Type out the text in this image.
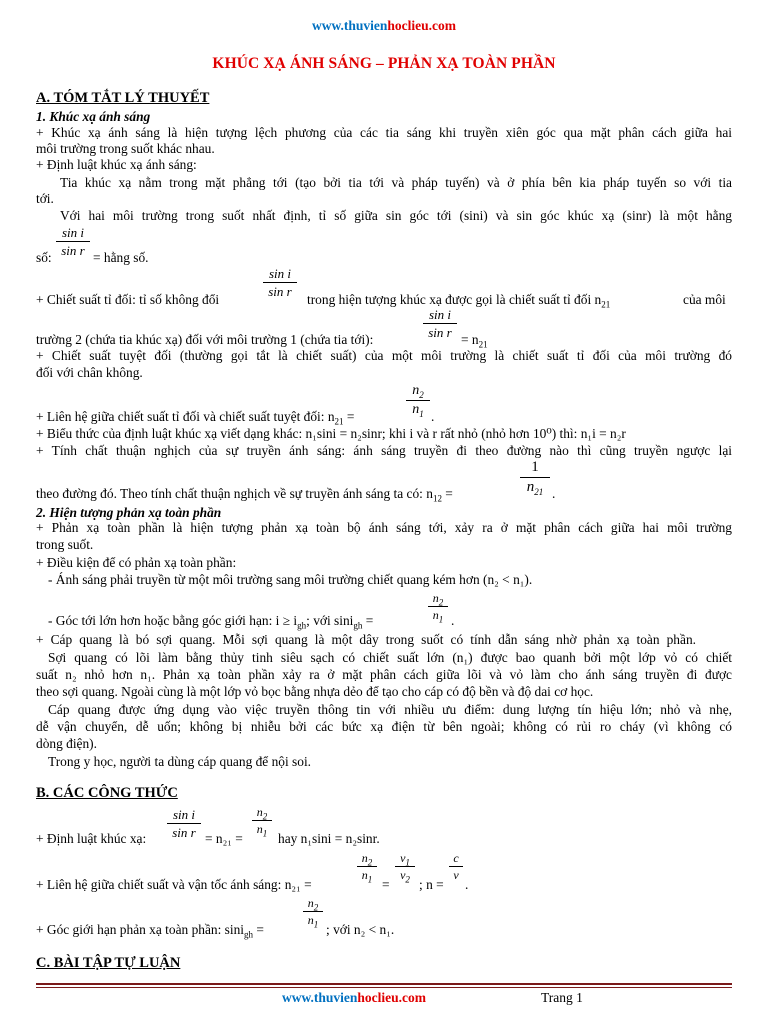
www.thuvienhoclieu.com
KHÚC XẠ ÁNH SÁNG – PHẢN XẠ TOÀN PHẦN
A. TÓM TẮT LÝ THUYẾT
1. Khúc xạ ánh sáng
+ Khúc xạ ánh sáng là hiện tượng lệch phương của các tia sáng khi truyền xiên góc qua mặt phân cách giữa hai
môi trường trong suốt khác nhau.
+ Định luật khúc xạ ánh sáng:
Tia khúc xạ nằm trong mặt phẳng tới (tạo bởi tia tới và pháp tuyến) và ở phía bên kia pháp tuyến so với tia
tới.
Với hai môi trường trong suốt nhất định, tỉ số giữa sin góc tới (sini) và sin góc khúc xạ (sinr) là một hằng
số:
$\frac{\text{sin i}}{\text{sin r}}$
= hằng số.
+ Chiết suất tỉ đối: tỉ số không đổi
$\frac{\text{sin i}}{\text{sin r}}$
trong hiện tượng khúc xạ được gọi là chiết suất tỉ đối $n_{21}$	của môi
trường 2 (chứa tia khúc xạ) đối với môi trường 1 (chứa tia tới):
$\frac{\text{sin i}}{\text{sin r}}$
= $n_{21}$
+ Chiết suất tuyệt đối (thường gọi tắt là chiết suất) của một môi trường là chiết suất tỉ đối của môi trường đó
đối với chân không.
+ Liên hệ giữa chiết suất tỉ đối và chiết suất tuyệt đối: $n_{21}$ =	$\frac{n_2}{n_1}$ .
+ Biểu thức của định luật khúc xạ viết dạng khác: n₁sini = n₂sinr; khi i và r rất nhỏ (nhỏ hơn 10⁰) thì: n₁i = n₂r
+ Tính chất thuận nghịch của sự truyền ánh sáng: ánh sáng truyền đi theo đường nào thì cũng truyền ngược lại
theo đường đó. Theo tính chất thuận nghịch về sự truyền ánh sáng ta có: $n_{12}$ =	$\frac{1}{n_{21}}$ .
2. Hiện tượng phản xạ toàn phần
+ Phản xạ toàn phần là hiện tượng phản xạ toàn bộ ánh sáng tới, xảy ra ở mặt phân cách giữa hai môi trường
trong suốt.
+ Điều kiện để có phản xạ toàn phần:
- Ánh sáng phải truyền từ một môi trường sang môi trường chiết quang kém hơn (n₂ < n₁).
- Góc tới lớn hơn hoặc bằng góc giới hạn: $i \ge i_{gh}$; với sini$_{gh}$ =	$\frac{n_2}{n_1}$ .
+ Cáp quang là bó sợi quang. Mỗi sợi quang là một dây trong suốt có tính dẫn sáng nhờ phản xạ toàn phần.
Sợi quang có lõi làm bằng thủy tinh siêu sạch có chiết suất lớn (n₁) được bao quanh bởi một lớp vỏ có chiết
suất n₂ nhỏ hơn n₁. Phản xạ toàn phần xảy ra ở mặt phân cách giữa lõi và vỏ làm cho ánh sáng truyền đi được
theo sợi quang. Ngoài cùng là một lớp vỏ bọc bằng nhựa dẻo để tạo cho cáp có độ bền và độ dai cơ học.
Cáp quang được ứng dụng vào việc truyền thông tin với nhiều ưu điểm: dung lượng tín hiệu lớn; nhỏ và nhẹ,
dễ vận chuyển, dễ uốn; không bị nhiễu bởi các bức xạ điện từ bên ngoài; không có rủi ro cháy (vì không có
dòng điện).
Trong y học, người ta dùng cáp quang để nội soi.
B. CÁC CÔNG THỨC
+ Định luật khúc xạ: $\frac{\text{sin i}}{\text{sin r}} = n_{21}$ =
$\frac{n_2}{n_1}$
hay n₁sini = n₂sinr.
+ Liên hệ giữa chiết suất và vận tốc ánh sáng: n₂₁ =
$\frac{n_2}{n_1}$
=
$\frac{v_1}{v_2}$
; n =
$\frac{c}{v}$
.
+ Góc giới hạn phản xạ toàn phần: sini$_{gh}$ =
$\frac{n_2}{n_1}$
; với n₂ < n₁.
C. BÀI TẬP TỰ LUẬN
www.thuvienhoclieu.com	Trang 1
